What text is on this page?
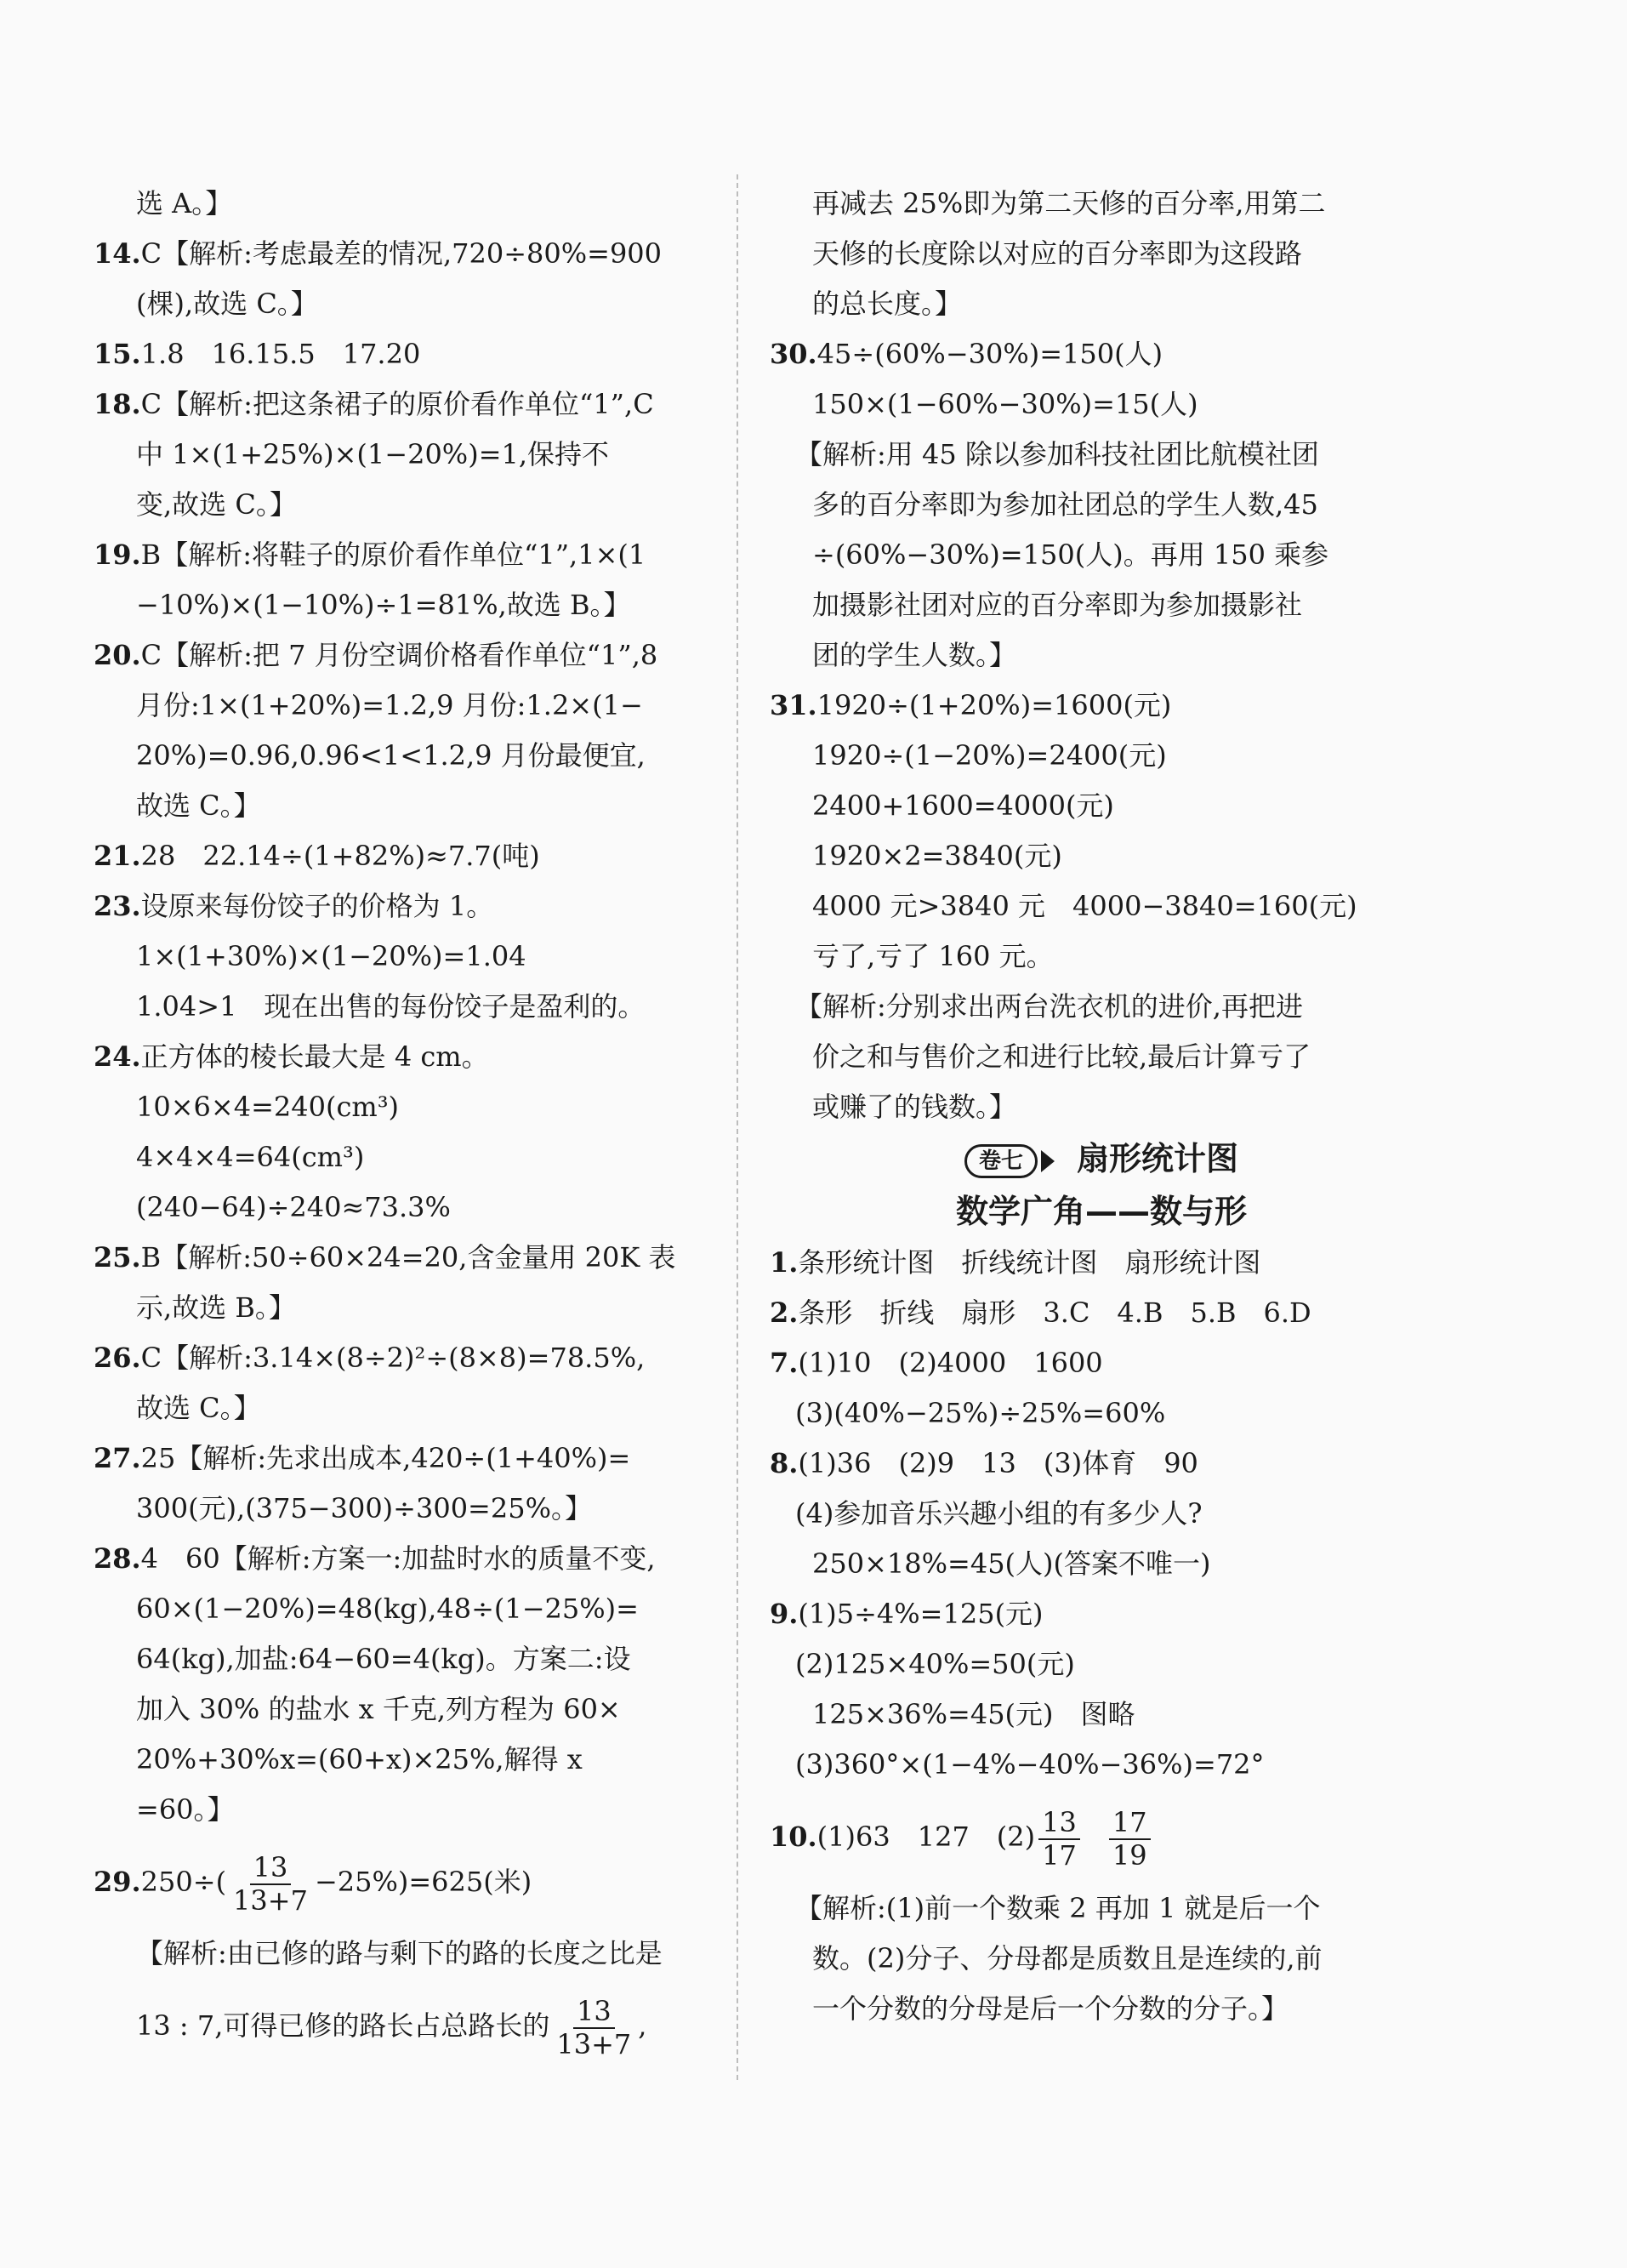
选 A。】
14.C【解析:考虑最差的情况,720÷80%=900
(棵),故选 C。】
15.1.8　16.15.5　17.20
18.C【解析:把这条裙子的原价看作单位“1”,C
中 1×(1+25%)×(1−20%)=1,保持不
变,故选 C。】
19.B【解析:将鞋子的原价看作单位“1”,1×(1
−10%)×(1−10%)÷1=81%,故选 B。】
20.C【解析:把 7 月份空调价格看作单位“1”,8
月份:1×(1+20%)=1.2,9 月份:1.2×(1−
20%)=0.96,0.96<1<1.2,9 月份最便宜,
故选 C。】
21.28　22.14÷(1+82%)≈7.7(吨)
23.设原来每份饺子的价格为 1。
1×(1+30%)×(1−20%)=1.04
1.04>1　现在出售的每份饺子是盈利的。
24.正方体的棱长最大是 4 cm。
10×6×4=240(cm³)
4×4×4=64(cm³)
(240−64)÷240≈73.3%
25.B【解析:50÷60×24=20,含金量用 20K 表
示,故选 B。】
26.C【解析:3.14×(8÷2)²÷(8×8)=78.5%,
故选 C。】
27.25【解析:先求出成本,420÷(1+40%)=
300(元),(375−300)÷300=25%。】
28.4　60【解析:方案一:加盐时水的质量不变,
60×(1−20%)=48(kg),48÷(1−25%)=
64(kg),加盐:64−60=4(kg)。方案二:设
加入 30% 的盐水 x 千克,列方程为 60×
20%+30%x=(60+x)×25%,解得 x
=60。】
$29.250\div( \frac{13}{13+7} -25\%)=625$(米)
【解析:由已修的路与剩下的路的长度之比是
13 : 7,可得已修的路长占总路长的 $\frac{13}{13+7}$ ,
再减去 25%即为第二天修的百分率,用第二
天修的长度除以对应的百分率即为这段路
的总长度。】
30.45÷(60%−30%)=150(人)
150×(1−60%−30%)=15(人)
【解析:用 45 除以参加科技社团比航模社团
多的百分率即为参加社团总的学生人数,45
÷(60%−30%)=150(人)。再用 150 乘参
加摄影社团对应的百分率即为参加摄影社
团的学生人数。】
31.1920÷(1+20%)=1600(元)
1920÷(1−20%)=2400(元)
2400+1600=4000(元)
1920×2=3840(元)
4000 元>3840 元　4000−3840=160(元)
亏了,亏了 160 元。
【解析:分别求出两台洗衣机的进价,再把进
价之和与售价之和进行比较,最后计算亏了
或赚了的钱数。】
卷七 扇形统计图
数学广角——数与形
1.条形统计图　折线统计图　扇形统计图
2.条形　折线　扇形　3.C　4.B　5.B　6.D
7.(1)10　(2)4000　1600
(3)(40%−25%)÷25%=60%
8.(1)36　(2)9　13　(3)体育　90
(4)参加音乐兴趣小组的有多少人?
250×18%=45(人)(答案不唯一)
9.(1)5÷4%=125(元)
(2)125×40%=50(元)
125×36%=45(元)　图略
(3)360°×(1−4%−40%−36%)=72°
10.(1)63　127　$(2) \frac{13}{17} \frac{17}{19}$
【解析:(1)前一个数乘 2 再加 1 就是后一个
数。(2)分子、分母都是质数且是连续的,前
一个分数的分母是后一个分数的分子。】
